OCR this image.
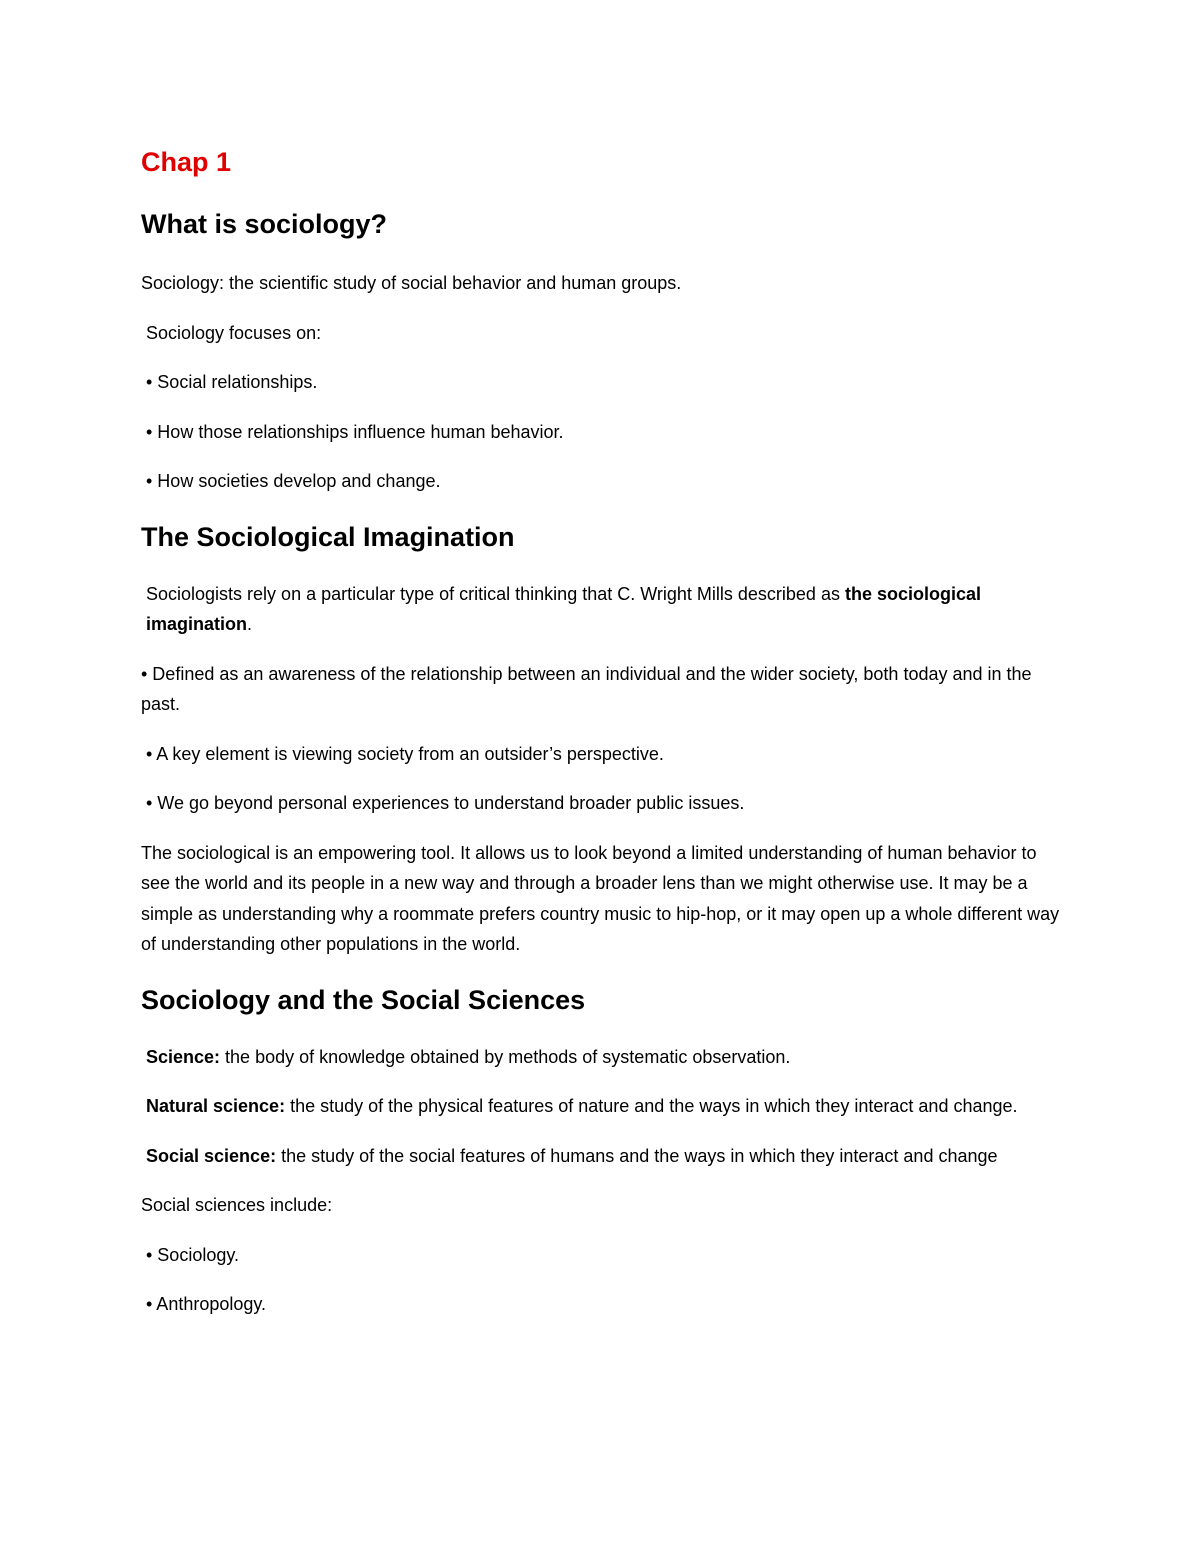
Chap 1
What is sociology?
Sociology: the scientific study of social behavior and human groups.
Sociology focuses on:
• Social relationships.
• How those relationships influence human behavior.
• How societies develop and change.
The Sociological Imagination
Sociologists rely on a particular type of critical thinking that C. Wright Mills described as the sociological imagination.
• Defined as an awareness of the relationship between an individual and the wider society, both today and in the past.
• A key element is viewing society from an outsider’s perspective.
• We go beyond personal experiences to understand broader public issues.
The sociological is an empowering tool. It allows us to look beyond a limited understanding of human behavior to see the world and its people in a new way and through a broader lens than we might otherwise use. It may be a simple as understanding why a roommate prefers country music to hip-hop, or it may open up a whole different way of understanding other populations in the world.
Sociology and the Social Sciences
Science: the body of knowledge obtained by methods of systematic observation.
Natural science: the study of the physical features of nature and the ways in which they interact and change.
Social science: the study of the social features of humans and the ways in which they interact and change
Social sciences include:
• Sociology.
• Anthropology.
